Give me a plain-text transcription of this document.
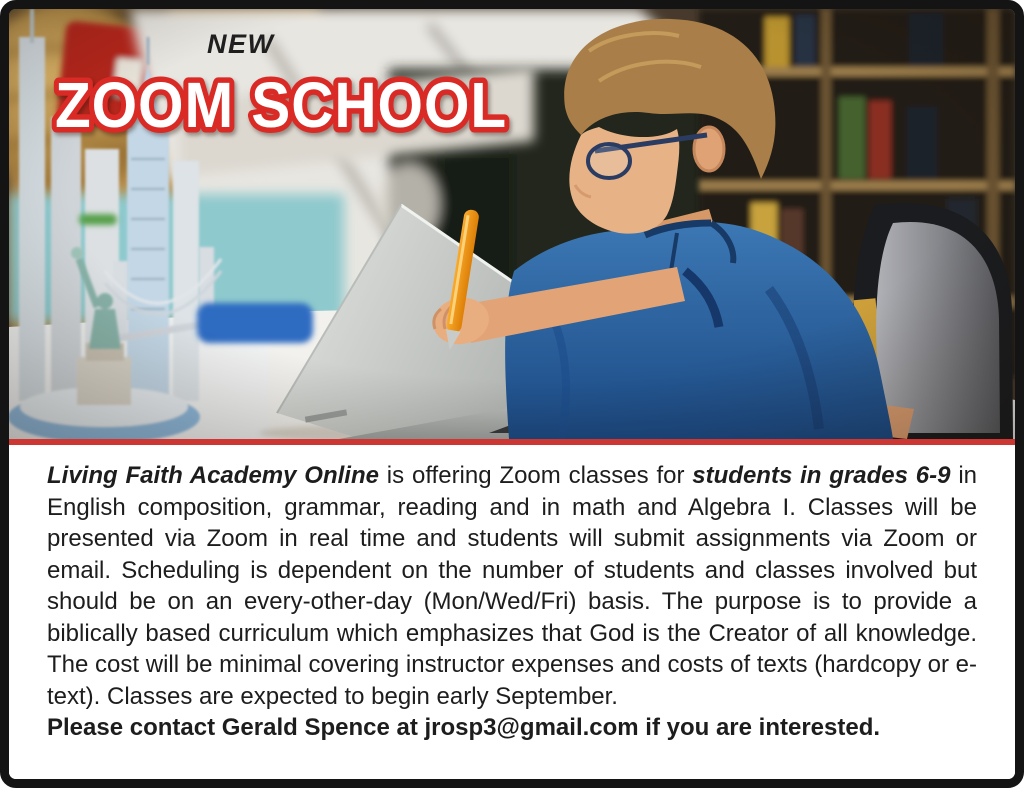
NEW
ZOOM SCHOOL

Living Faith Academy Online is offering Zoom classes for students in grades 6-9 in English composition, grammar, reading and in math and Algebra I. Classes will be presented via Zoom in real time and students will submit assignments via Zoom or email. Scheduling is dependent on the number of students and classes involved but should be on an every-other-day (Mon/Wed/Fri) basis. The purpose is to provide a biblically based curriculum which emphasizes that God is the Creator of all knowledge. The cost will be minimal covering instructor expenses and costs of texts (hardcopy or e-text). Classes are expected to begin early September.

Please contact Gerald Spence at jrosp3@gmail.com if you are interested.
